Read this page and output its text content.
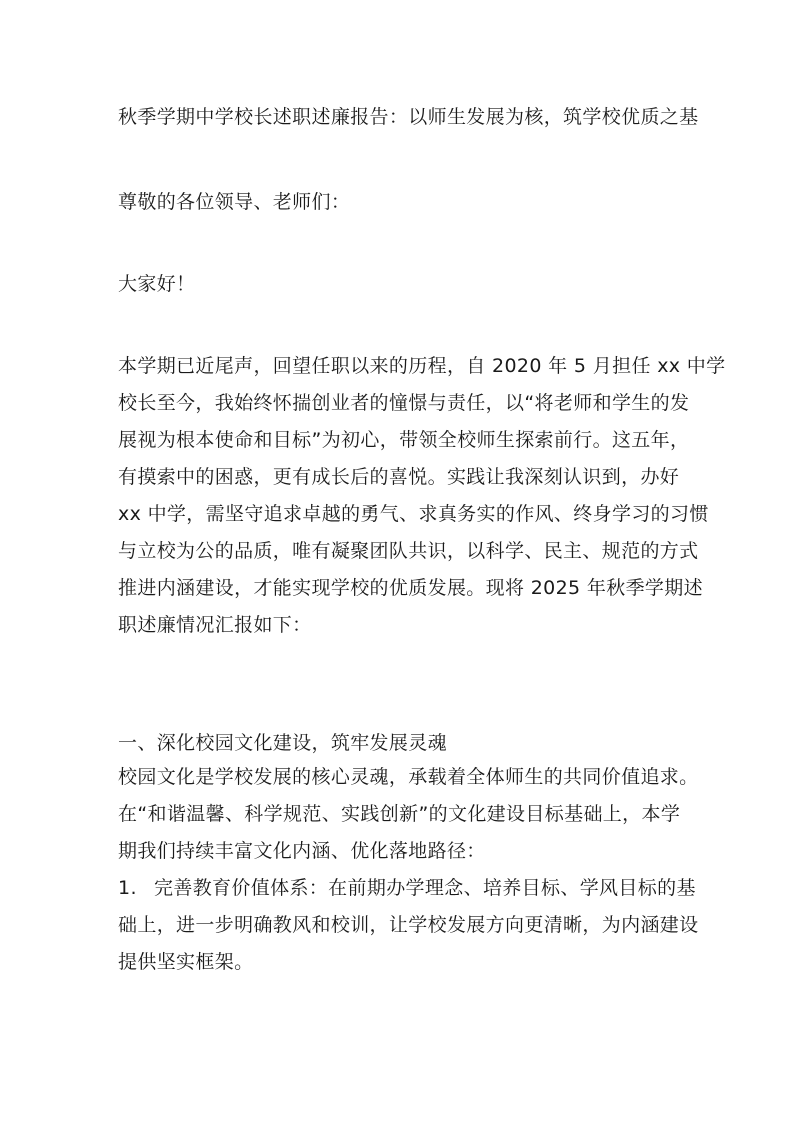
秋季学期中学校长述职述廉报告：以师生发展为核，筑学校优质之基
尊敬的各位领导、老师们：
大家好！
本学期已近尾声，回望任职以来的历程，自 2020 年 5 月担任 xx 中学
校长至今，我始终怀揣创业者的憧憬与责任，以“将老师和学生的发
展视为根本使命和目标”为初心，带领全校师生探索前行。这五年，
有摸索中的困惑，更有成长后的喜悦。实践让我深刻认识到，办好
xx 中学，需坚守追求卓越的勇气、求真务实的作风、终身学习的习惯
与立校为公的品质，唯有凝聚团队共识，以科学、民主、规范的方式
推进内涵建设，才能实现学校的优质发展。现将 2025 年秋季学期述
职述廉情况汇报如下：
一、深化校园文化建设，筑牢发展灵魂
校园文化是学校发展的核心灵魂，承载着全体师生的共同价值追求。
在“和谐温馨、科学规范、实践创新”的文化建设目标基础上，本学
期我们持续丰富文化内涵、优化落地路径：
1. 完善教育价值体系：在前期办学理念、培养目标、学风目标的基
础上，进一步明确教风和校训，让学校发展方向更清晰，为内涵建设
提供坚实框架。
